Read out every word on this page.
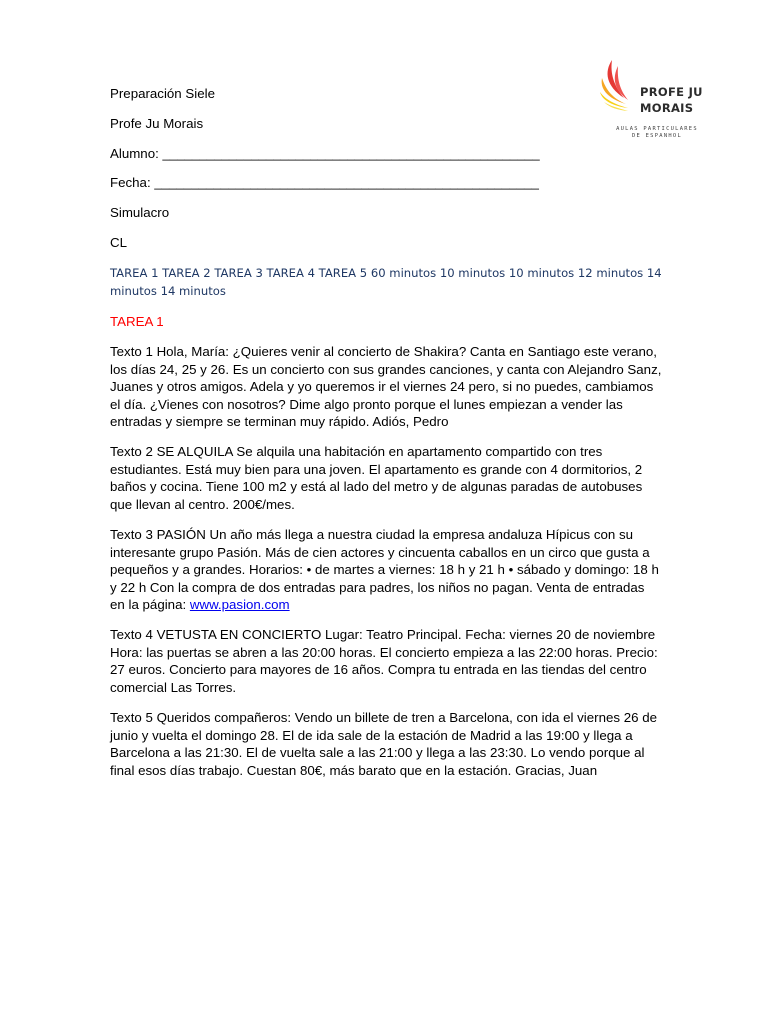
PROFE JU
MORAIS
AULAS PARTICULARES
DE ESPANHOL
Preparación Siele
Profe Ju Morais
Alumno: ___________________________________________________
Fecha: ____________________________________________________
Simulacro
CL
TAREA 1 TAREA 2 TAREA 3 TAREA 4 TAREA 5 60 minutos 10 minutos 10 minutos 12 minutos 14
minutos 14 minutos
TAREA 1

Texto 1 Hola, María: ¿Quieres venir al concierto de Shakira? Canta en Santiago este verano, los días 24, 25 y 26. Es un concierto con sus grandes canciones, y canta con Alejandro Sanz, Juanes y otros amigos. Adela y yo queremos ir el viernes 24 pero, si no puedes, cambiamos el día. ¿Vienes con nosotros? Dime algo pronto porque el lunes empiezan a vender las entradas y siempre se terminan muy rápido. Adiós, Pedro

Texto 2 SE ALQUILA Se alquila una habitación en apartamento compartido con tres estudiantes. Está muy bien para una joven. El apartamento es grande con 4 dormitorios, 2 baños y cocina. Tiene 100 m2 y está al lado del metro y de algunas paradas de autobuses que llevan al centro. 200€/mes.

Texto 3 PASIÓN Un año más llega a nuestra ciudad la empresa andaluza Hípicus con su interesante grupo Pasión. Más de cien actores y cincuenta caballos en un circo que gusta a pequeños y a grandes. Horarios: • de martes a viernes: 18 h y 21 h • sábado y domingo: 18 h y 22 h Con la compra de dos entradas para padres, los niños no pagan. Venta de entradas en la página: www.pasion.com

Texto 4 VETUSTA EN CONCIERTO Lugar: Teatro Principal. Fecha: viernes 20 de noviembre Hora: las puertas se abren a las 20:00 horas. El concierto empieza a las 22:00 horas. Precio: 27 euros. Concierto para mayores de 16 años. Compra tu entrada en las tiendas del centro comercial Las Torres.

Texto 5 Queridos compañeros: Vendo un billete de tren a Barcelona, con ida el viernes 26 de junio y vuelta el domingo 28. El de ida sale de la estación de Madrid a las 19:00 y llega a Barcelona a las 21:30. El de vuelta sale a las 21:00 y llega a las 23:30. Lo vendo porque al final esos días trabajo. Cuestan 80€, más barato que en la estación. Gracias, Juan
